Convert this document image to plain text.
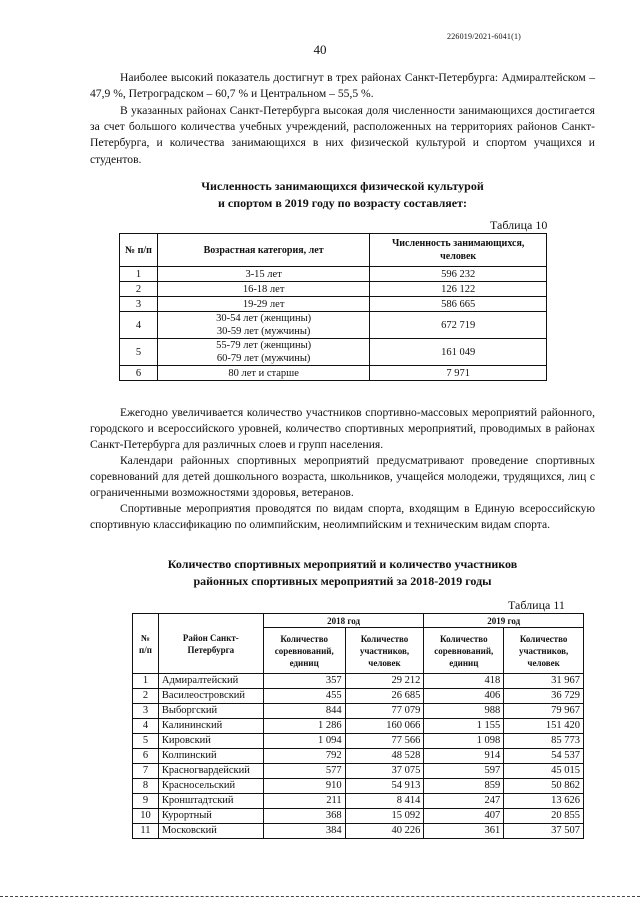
226019/2021-6041(1)
40

Наиболее высокий показатель достигнут в трех районах Санкт-Петербурга: Адмиралтейском – 47,9 %, Петроградском – 60,7 % и Центральном – 55,5 %.

В указанных районах Санкт-Петербурга высокая доля численности занимающихся достигается за счет большого количества учебных учреждений, расположенных на территориях районов Санкт-Петербурга, и количества занимающихся в них физической культурой и спортом учащихся и студентов.

Численность занимающихся физической культурой
и спортом в 2019 году по возрасту составляет:
Таблица 10
№ п/п	Возрастная категория, лет	Численность занимающихся, человек
1	3-15 лет	596 232
2	16-18 лет	126 122
3	19-29 лет	586 665
4	30-54 лет (женщины)
30-59 лет (мужчины)	672 719
5	55-79 лет (женщины)
60-79 лет (мужчины)	161 049
6	80 лет и старше	7 971

Ежегодно увеличивается количество участников спортивно-массовых мероприятий районного, городского и всероссийского уровней, количество спортивных мероприятий, проводимых в районах Санкт-Петербурга для различных слоев и групп населения.

Календари районных спортивных мероприятий предусматривают проведение спортивных соревнований для детей дошкольного возраста, школьников, учащейся молодежи, трудящихся, лиц с ограниченными возможностями здоровья, ветеранов.

Спортивные мероприятия проводятся по видам спорта, входящим в Единую всероссийскую спортивную классификацию по олимпийским, неолимпийским и техническим видам спорта.

Количество спортивных мероприятий и количество участников
районных спортивных мероприятий за 2018-2019 годы
Таблица 11
№ п/п	Район Санкт-Петербурга	2018 год		2019 год	
		Количество соревнований, единиц	Количество участников, человек	Количество соревнований, единиц	Количество участников, человек
1	Адмиралтейский	357	29 212	418	31 967
2	Василеостровский	455	26 685	406	36 729
3	Выборгский	844	77 079	988	79 967
4	Калининский	1 286	160 066	1 155	151 420
5	Кировский	1 094	77 566	1 098	85 773
6	Колпинский	792	48 528	914	54 537
7	Красногвардейский	577	37 075	597	45 015
8	Красносельский	910	54 913	859	50 862
9	Кронштадтский	211	8 414	247	13 626
10	Курортный	368	15 092	407	20 855
11	Московский	384	40 226	361	37 507
